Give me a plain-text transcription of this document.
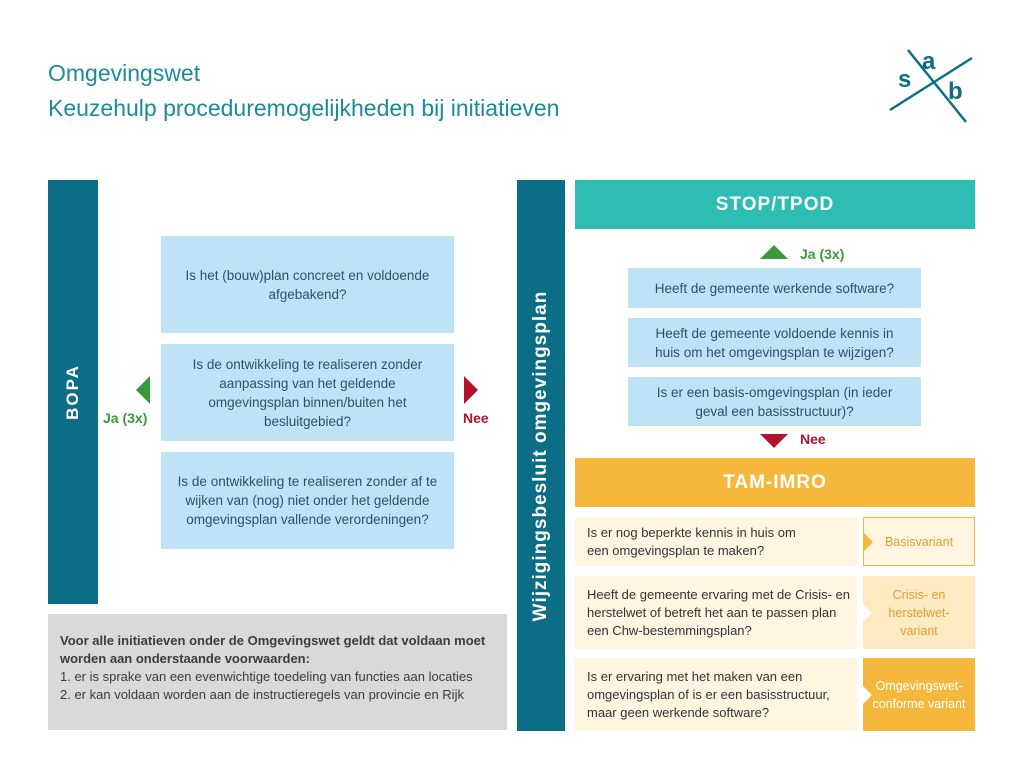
Omgevingswet
Keuzehulp proceduremogelijkheden bij initiatieven
s
a
b
BOPA
Is het (bouw)plan concreet en voldoende afgebakend?
Is de ontwikkeling te realiseren zonder aanpassing van het geldende omgevingsplan binnen/buiten het besluitgebied?
Is de ontwikkeling te realiseren zonder af te wijken van (nog) niet onder het geldende omgevingsplan vallende verordeningen?
Ja (3x)	Nee
Voor alle initiatieven onder de Omgevingswet geldt dat voldaan moet worden aan onderstaande voorwaarden:
1. er is sprake van een evenwichtige toedeling van functies aan locaties
2. er kan voldaan worden aan de instructieregels van provincie en Rijk
Wijzigingsbesluit omgevingsplan
STOP/TPOD
Ja (3x)
Heeft de gemeente werkende software?
Heeft de gemeente voldoende kennis in huis om het omgevingsplan te wijzigen?
Is er een basis-omgevingsplan (in ieder geval een basisstructuur)?
Nee
TAM-IMRO
Is er nog beperkte kennis in huis om een omgevingsplan te maken?
Basisvariant
Heeft de gemeente ervaring met de Crisis- en herstelwet of betreft het aan te passen plan een Chw-bestemmingsplan?
Crisis- en herstelwet-variant
Is er ervaring met het maken van een omgevingsplan of is er een basisstructuur, maar geen werkende software?
Omgevingswet-conforme variant
